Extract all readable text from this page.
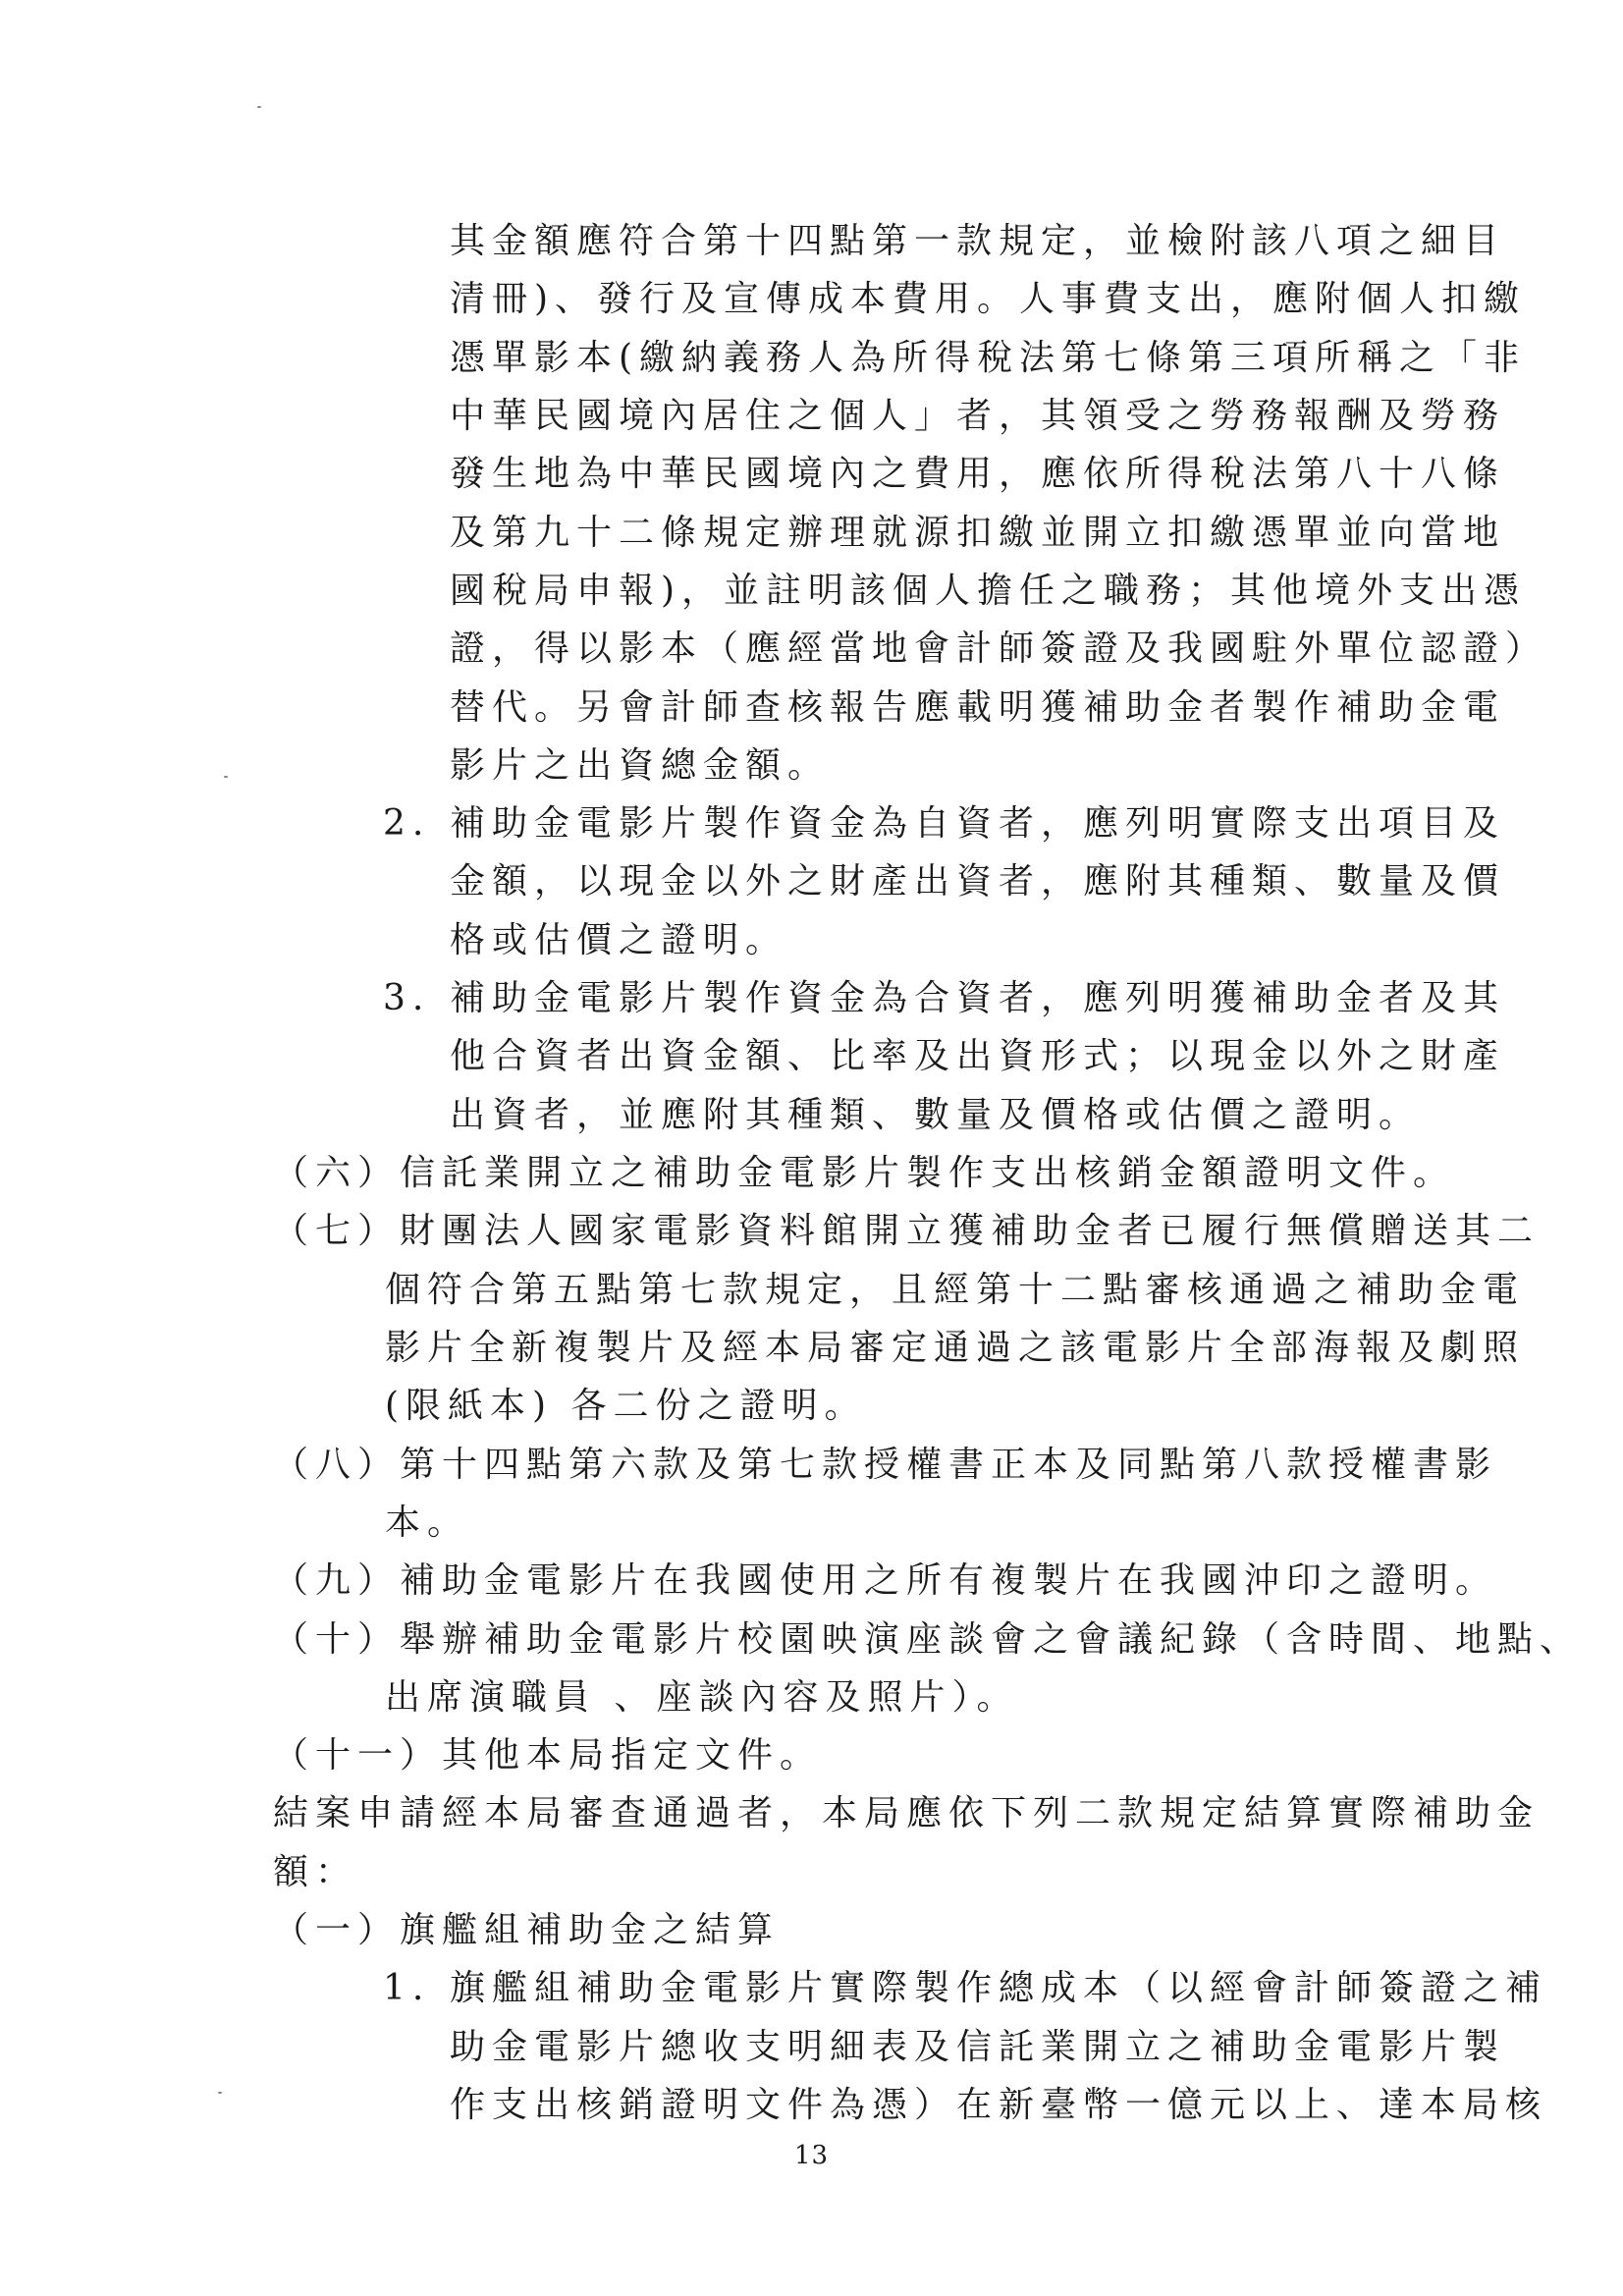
其金額應符合第十四點第一款規定，並檢附該八項之細目
清冊)、發行及宣傳成本費用。人事費支出，應附個人扣繳
憑單影本(繳納義務人為所得稅法第七條第三項所稱之「非
中華民國境內居住之個人」者，其領受之勞務報酬及勞務
發生地為中華民國境內之費用，應依所得稅法第八十八條
及第九十二條規定辦理就源扣繳並開立扣繳憑單並向當地
國稅局申報)，並註明該個人擔任之職務；其他境外支出憑
證，得以影本（應經當地會計師簽證及我國駐外單位認證）
替代。另會計師查核報告應載明獲補助金者製作補助金電
影片之出資總金額。
2. 補助金電影片製作資金為自資者，應列明實際支出項目及
金額，以現金以外之財產出資者，應附其種類、數量及價
格或估價之證明。
3. 補助金電影片製作資金為合資者，應列明獲補助金者及其
他合資者出資金額、比率及出資形式；以現金以外之財產
出資者，並應附其種類、數量及價格或估價之證明。
（六）信託業開立之補助金電影片製作支出核銷金額證明文件。
（七）財團法人國家電影資料館開立獲補助金者已履行無償贈送其二
個符合第五點第七款規定，且經第十二點審核通過之補助金電
影片全新複製片及經本局審定通過之該電影片全部海報及劇照
(限紙本) 各二份之證明。
（八）第十四點第六款及第七款授權書正本及同點第八款授權書影
本。
（九）補助金電影片在我國使用之所有複製片在我國沖印之證明。
（十）舉辦補助金電影片校園映演座談會之會議紀錄（含時間、地點、
出席演職員 、座談內容及照片）。
（十一）其他本局指定文件。
結案申請經本局審查通過者，本局應依下列二款規定結算實際補助金
額：
13
（一）旗艦組補助金之結算
1. 旗艦組補助金電影片實際製作總成本（以經會計師簽證之補
助金電影片總收支明細表及信託業開立之補助金電影片製
作支出核銷證明文件為憑）在新臺幣一億元以上、達本局核
